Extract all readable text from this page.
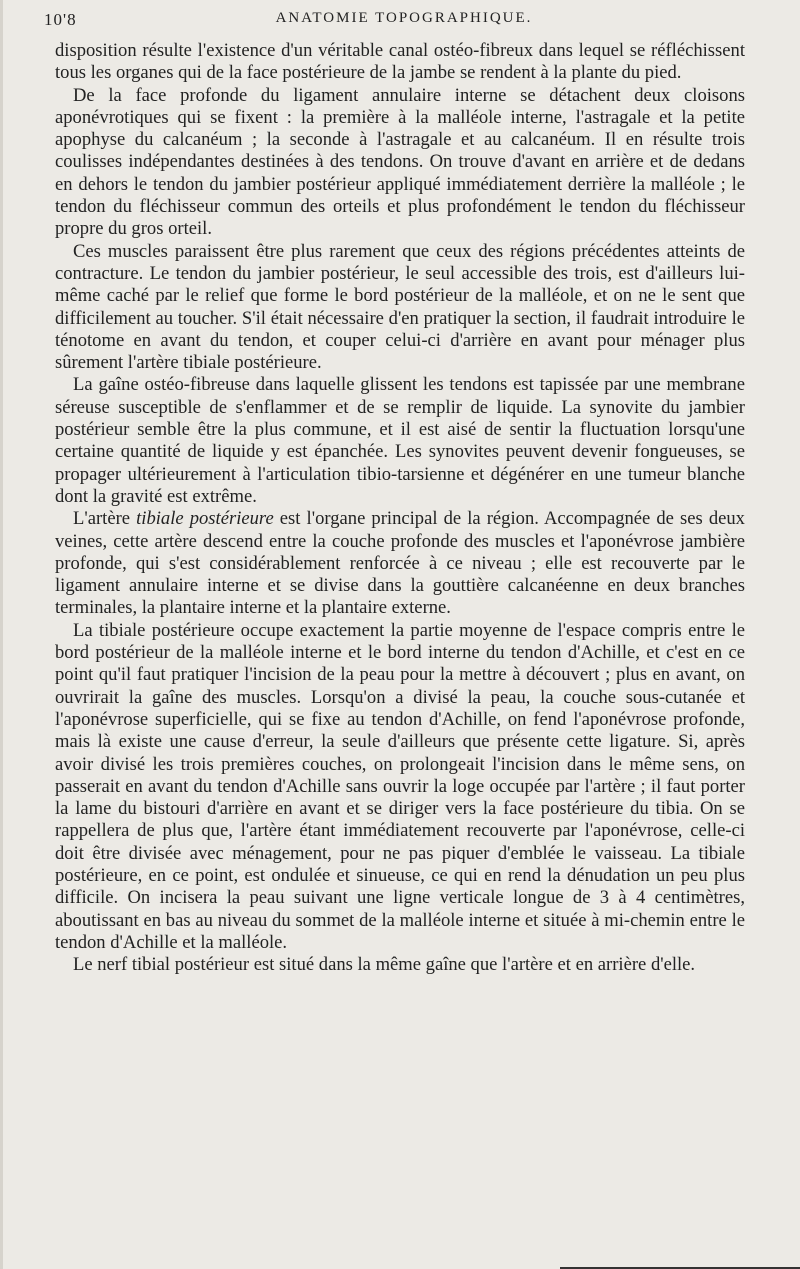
10'8	ANATOMIE TOPOGRAPHIQUE.

disposition résulte l'existence d'un véritable canal ostéo-fibreux dans lequel se réfléchissent tous les organes qui de la face postérieure de la jambe se rendent à la plante du pied.

De la face profonde du ligament annulaire interne se détachent deux cloisons aponévrotiques qui se fixent : la première à la malléole interne, l'astragale et la petite apophyse du calcanéum ; la seconde à l'astragale et au calcanéum. Il en résulte trois coulisses indépendantes destinées à des tendons. On trouve d'avant en arrière et de dedans en dehors le tendon du jambier postérieur appliqué immédiatement derrière la malléole ; le tendon du fléchisseur commun des orteils et plus profondément le tendon du fléchisseur propre du gros orteil.

Ces muscles paraissent être plus rarement que ceux des régions précédentes atteints de contracture. Le tendon du jambier postérieur, le seul accessible des trois, est d'ailleurs lui-même caché par le relief que forme le bord postérieur de la malléole, et on ne le sent que difficilement au toucher. S'il était nécessaire d'en pratiquer la section, il faudrait introduire le ténotome en avant du tendon, et couper celui-ci d'arrière en avant pour ménager plus sûrement l'artère tibiale postérieure.

La gaîne ostéo-fibreuse dans laquelle glissent les tendons est tapissée par une membrane séreuse susceptible de s'enflammer et de se remplir de liquide. La synovite du jambier postérieur semble être la plus commune, et il est aisé de sentir la fluctuation lorsqu'une certaine quantité de liquide y est épanchée. Les synovites peuvent devenir fongueuses, se propager ultérieurement à l'articulation tibio-tarsienne et dégénérer en une tumeur blanche dont la gravité est extrême.

L'artère tibiale postérieure est l'organe principal de la région. Accompagnée de ses deux veines, cette artère descend entre la couche profonde des muscles et l'aponévrose jambière profonde, qui s'est considérablement renforcée à ce niveau ; elle est recouverte par le ligament annulaire interne et se divise dans la gouttière calcanéenne en deux branches terminales, la plantaire interne et la plantaire externe.

La tibiale postérieure occupe exactement la partie moyenne de l'espace compris entre le bord postérieur de la malléole interne et le bord interne du tendon d'Achille, et c'est en ce point qu'il faut pratiquer l'incision de la peau pour la mettre à découvert ; plus en avant, on ouvrirait la gaîne des muscles. Lorsqu'on a divisé la peau, la couche sous-cutanée et l'aponévrose superficielle, qui se fixe au tendon d'Achille, on fend l'aponévrose profonde, mais là existe une cause d'erreur, la seule d'ailleurs que présente cette ligature. Si, après avoir divisé les trois premières couches, on prolongeait l'incision dans le même sens, on passerait en avant du tendon d'Achille sans ouvrir la loge occupée par l'artère ; il faut porter la lame du bistouri d'arrière en avant et se diriger vers la face postérieure du tibia. On se rappellera de plus que, l'artère étant immédiatement recouverte par l'aponévrose, celle-ci doit être divisée avec ménagement, pour ne pas piquer d'emblée le vaisseau. La tibiale postérieure, en ce point, est ondulée et sinueuse, ce qui en rend la dénudation un peu plus difficile. On incisera la peau suivant une ligne verticale longue de 3 à 4 centimètres, aboutissant en bas au niveau du sommet de la malléole interne et située à mi-chemin entre le tendon d'Achille et la malléole.

Le nerf tibial postérieur est situé dans la même gaîne que l'artère et en arrière d'elle.
